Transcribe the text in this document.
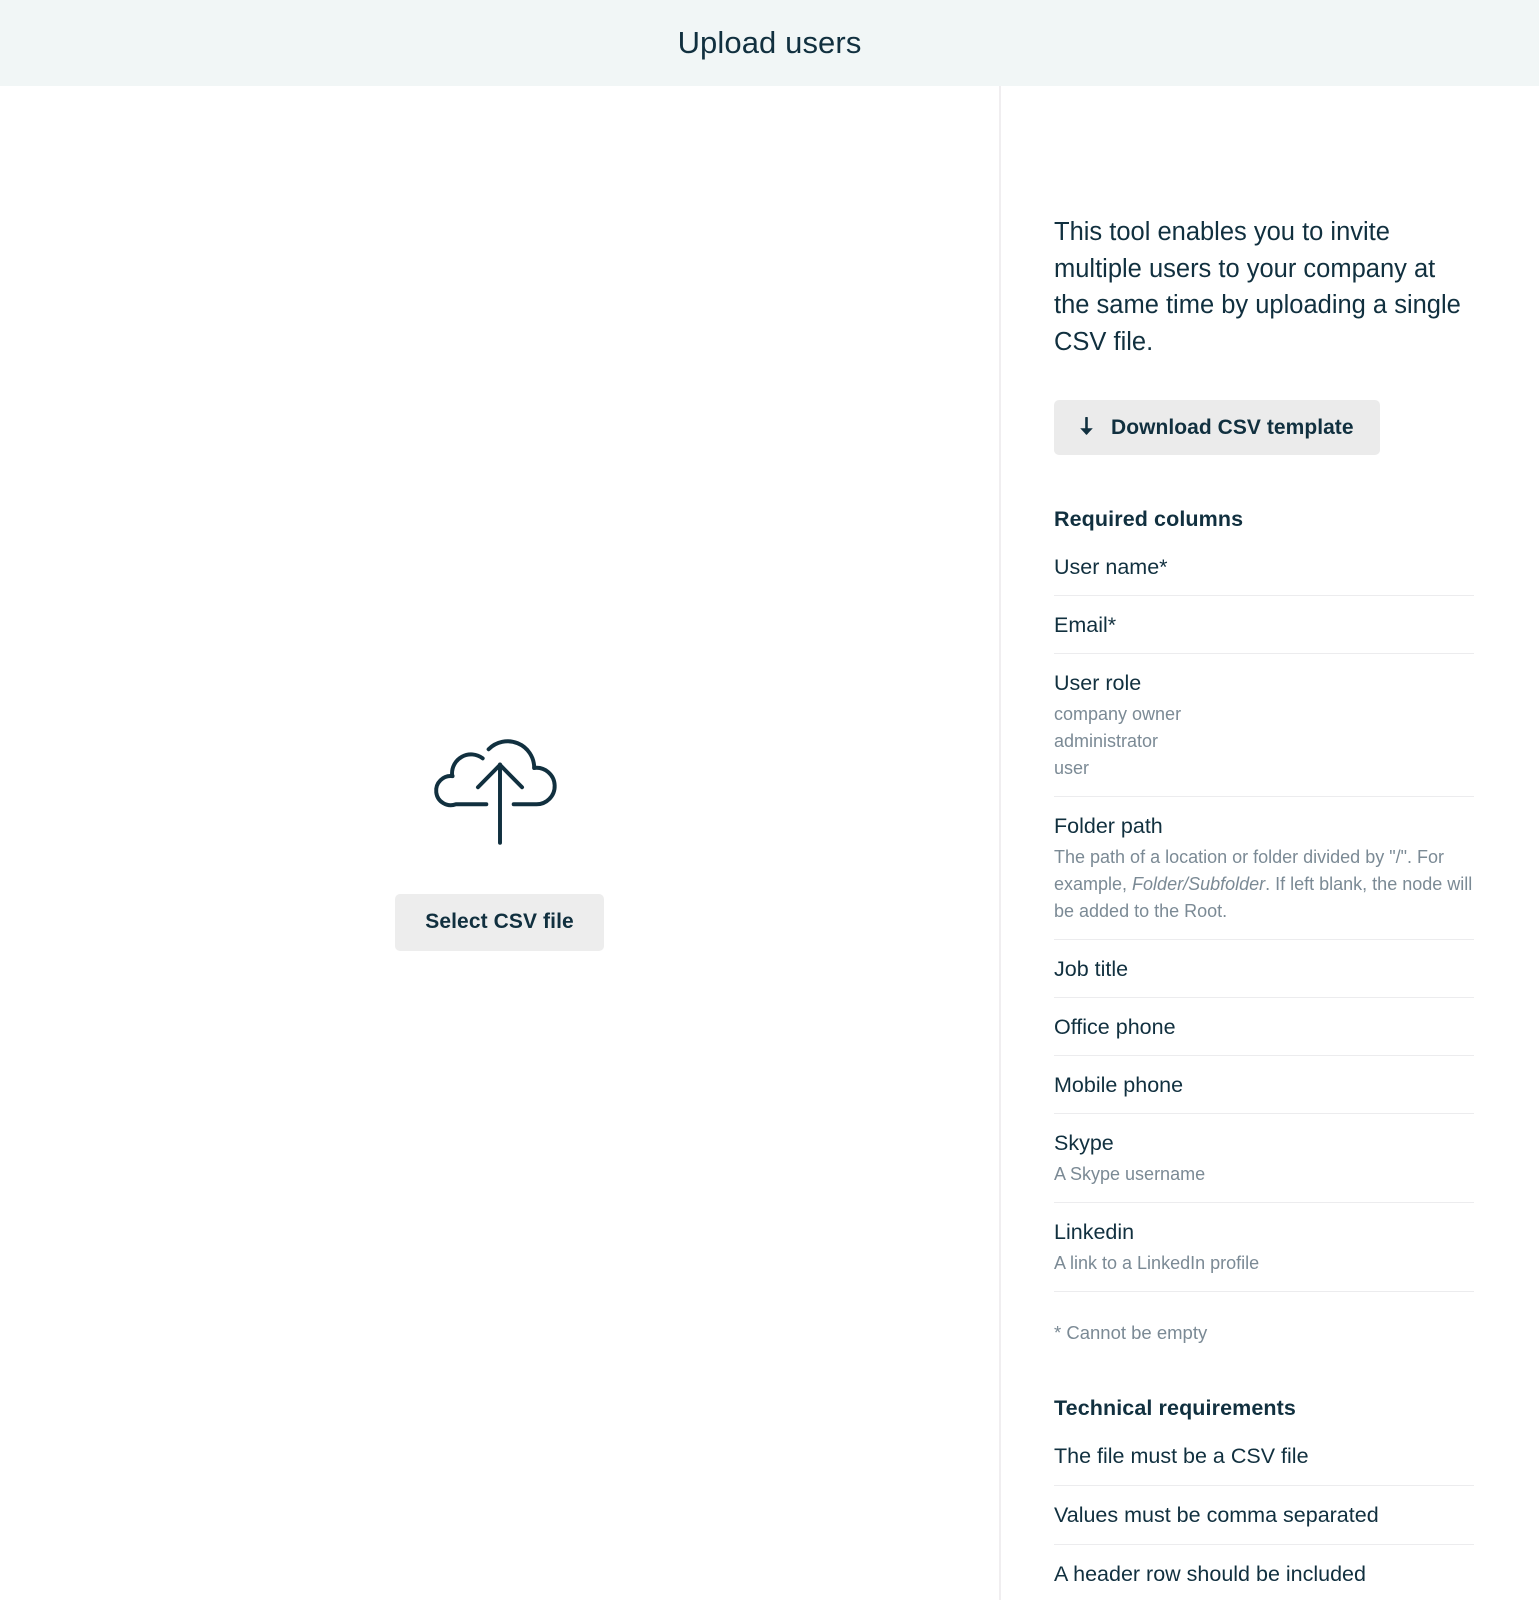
Upload users
Select CSV file

This tool enables you to invite multiple users to your company at the same time by uploading a single CSV file.

Download CSV template
Required columns
User name*
Email*
User role
company owner
administrator
user
Folder path
The path of a location or folder divided by "/". For example, Folder/Subfolder. If left blank, the node will be added to the Root.
Job title
Office phone
Mobile phone
Skype
A Skype username
Linkedin
A link to a LinkedIn profile
* Cannot be empty
Technical requirements
The file must be a CSV file
Values must be comma separated
A header row should be included
